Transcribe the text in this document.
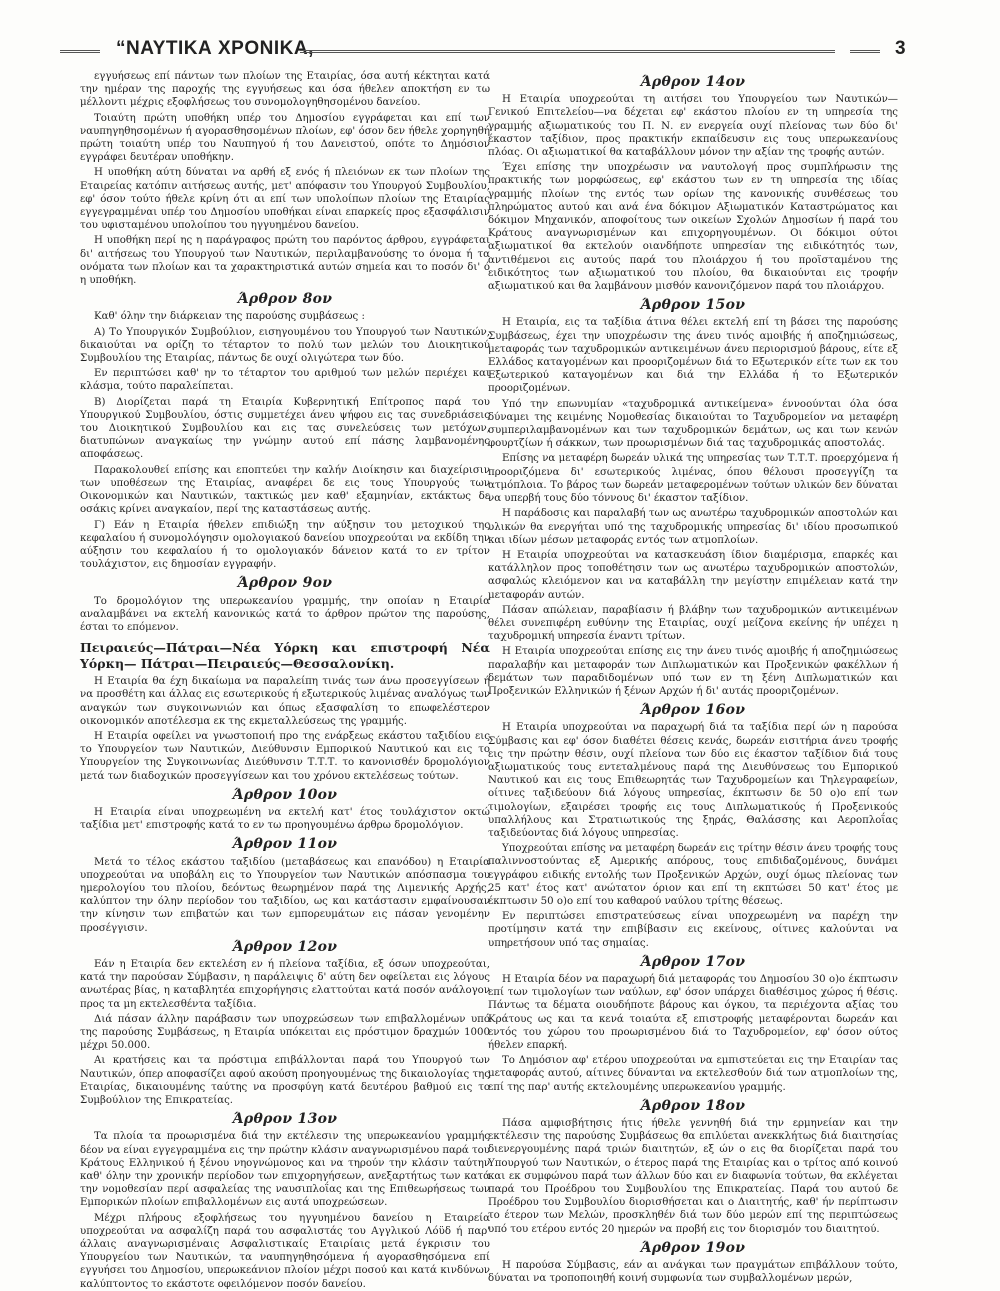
“ΝΑΥΤΙΚΑ ΧΡΟΝΙΚΑ,	3

εγγυήσεως επί πάντων των πλοίων της Εταιρίας, όσα αυτή κέκτηται κατά την ημέραν της παροχής της εγγυήσεως και όσα ήθελεν αποκτήση εν τω μέλλοντι μέχρις εξοφλήσεως του συνομολογηθησομένου δανείου.

Τοιαύτη πρώτη υποθήκη υπέρ του Δημοσίου εγγράφεται και επί των ναυπηγηθησομένων ή αγορασθησομένων πλοίων, εφ' όσον δεν ήθελε χορηγηθή πρώτη τοιαύτη υπέρ του Ναυπηγού ή του Δανειστού, οπότε το Δημόσιον εγγράφει δευτέραν υποθήκην.

Η υποθήκη αύτη δύναται να αρθή εξ ενός ή πλειόνων εκ των πλοίων της Εταιρείας κατόπιν αιτήσεως αυτής, μετ' απόφασιν του Υπουργού Συμβουλίου, εφ' όσον τούτο ήθελε κρίνη ότι αι επί των υπολοίπων πλοίων της Εταιρίας εγγεγραμμέναι υπέρ του Δημοσίου υποθήκαι είναι επαρκείς προς εξασφάλισιν του υφισταμένου υπολοίπου του ηγγυημένου δανείου.

Η υποθήκη περί ης η παράγραφος πρώτη του παρόντος άρθρου, εγγράφεται δι' αιτήσεως του Υπουργού των Ναυτικών, περιλαμβανούσης το όνομα ή τα ονόματα των πλοίων και τα χαρακτηριστικά αυτών σημεία και το ποσόν δι' ό η υποθήκη.

Άρθρον 8ον

Καθ' όλην την διάρκειαν της παρούσης συμβάσεως :

Α) Το Υπουργικόν Συμβούλιον, εισηγουμένου του Υπουργού των Ναυτικών, δικαιούται να ορίζη το τέταρτον το πολύ των μελών του Διοικητικού Συμβουλίου της Εταιρίας, πάντως δε ουχί ολιγώτερα των δύο.

Εν περιπτώσει καθ' ην το τέταρτον του αριθμού των μελών περιέχει και κλάσμα, τούτο παραλείπεται.

Β) Διορίζεται παρά τη Εταιρία Κυβερνητική Επίτροπος παρά του Υπουργικού Συμβουλίου, όστις συμμετέχει άνευ ψήφου εις τας συνεδριάσεις του Διοικητικού Συμβουλίου και εις τας συνελεύσεις των μετόχων, διατυπώνων αναγκαίως την γνώμην αυτού επί πάσης λαμβανομένης αποφάσεως.

Παρακολουθεί επίσης και εποπτεύει την καλήν Διοίκησιν και διαχείρισιν των υποθέσεων της Εταιρίας, αναφέρει δε εις τους Υπουργούς των Οικονομικών και Ναυτικών, τακτικώς μεν καθ' εξαμηνίαν, εκτάκτως δε οσάκις κρίνει αναγκαίον, περί της καταστάσεως αυτής.

Γ) Εάν η Εταιρία ήθελεν επιδιώξη την αύξησιν του μετοχικού της κεφαλαίου ή συνομολόγησιν ομολογιακού δανείου υποχρεούται να εκδίδη την αύξησιν του κεφαλαίου ή το ομολογιακόν δάνειον κατά το εν τρίτον τουλάχιστον, εις δημοσίαν εγγραφήν.

Άρθρον 9ον

Το δρομολόγιον της υπερωκεανίου γραμμής, την οποίαν η Εταιρία αναλαμβάνει να εκτελή κανονικώς κατά το άρθρον πρώτον της παρούσης, έσται το επόμενον.

Πειραιεύς—Πάτραι—Νέα Υόρκη και επιστροφή Νέα Υόρκη— Πάτραι—Πειραιεύς—Θεσσαλονίκη.

Η Εταιρία θα έχη δικαίωμα να παραλείπη τινάς των άνω προσεγγίσεων ή να προσθέτη και άλλας εις εσωτερικούς ή εξωτερικούς λιμένας αναλόγως των αναγκών των συγκοινωνιών και όπως εξασφαλίση το επωφελέστερον οικονομικόν αποτέλεσμα εκ της εκμεταλλεύσεως της γραμμής.

Η Εταιρία οφείλει να γνωστοποιή προ της ενάρξεως εκάστου ταξιδίου εις το Υπουργείον των Ναυτικών, Διεύθυνσιν Εμπορικού Ναυτικού και εις το Υπουργείον της Συγκοινωνίας Διεύθυνσιν Τ.Τ.Τ. το κανονισθέν δρομολόγιον μετά των διαδοχικών προσεγγίσεων και του χρόνου εκτελέσεως τούτων.

Άρθρον 10ον

Η Εταιρία είναι υποχρεωμένη να εκτελή κατ' έτος τουλάχιστον οκτώ ταξίδια μετ' επιστροφής κατά το εν τω προηγουμένω άρθρω δρομολόγιον.

Άρθρον 11ον

Μετά το τέλος εκάστου ταξιδίου (μεταβάσεως και επανόδου) η Εταιρία υποχρεούται να υποβάλη εις το Υπουργείον των Ναυτικών απόσπασμα του ημερολογίου του πλοίου, δεόντως θεωρημένον παρά της Λιμενικής Αρχής, καλύπτον την όλην περίοδον του ταξιδίου, ως και κατάστασιν εμφαίνουσαν την κίνησιν των επιβατών και των εμπορευμάτων εις πάσαν γενομένην προσέγγισιν.

Άρθρον 12ον

Εάν η Εταιρία δεν εκτελέση εν ή πλείονα ταξίδια, εξ όσων υποχρεούται, κατά την παρούσαν Σύμβασιν, η παράλειψις δ' αύτη δεν οφείλεται εις λόγους ανωτέρας βίας, η καταβλητέα επιχορήγησις ελαττούται κατά ποσόν ανάλογον προς τα μη εκτελεσθέντα ταξίδια.

Διά πάσαν άλλην παράβασιν των υποχρεώσεων των επιβαλλομένων υπό της παρούσης Συμβάσεως, η Εταιρία υπόκειται εις πρόστιμον δραχμών 1000 μέχρι 50.000.

Αι κρατήσεις και τα πρόστιμα επιβάλλονται παρά του Υπουργού των Ναυτικών, όπερ αποφασίζει αφού ακούση προηγουμένως της δικαιολογίας της Εταιρίας, δικαιουμένης ταύτης να προσφύγη κατά δευτέρου βαθμού εις το Συμβούλιον της Επικρατείας.

Άρθρον 13ον

Τα πλοία τα προωρισμένα διά την εκτέλεσιν της υπερωκεανίου γραμμής δέον να είναι εγγεγραμμένα εις την πρώτην κλάσιν αναγνωρισμένου παρά του Κράτους Ελληνικού ή ξένου νηογνώμονος και να τηρούν την κλάσιν ταύτην καθ' όλην την χρονικήν περίοδον των επιχορηγήσεων, ανεξαρτήτως των κατά την νομοθεσίαν περί ασφαλείας της ναυσιπλοΐας και της Επιθεωρήσεως των Εμπορικών πλοίων επιβαλλομένων εις αυτά υποχρεώσεων.

Μέχρι πλήρους εξοφλήσεως του ηγγυημένου δανείου η Εταιρεία υποχρεούται να ασφαλίζη παρά του ασφαλιστάς του Αγγλικού Λόϋδ ή παρ' άλλαις αναγνωρισμέναις Ασφαλιστικαίς Εταιρίαις μετά έγκρισιν του Υπουργείου των Ναυτικών, τα ναυπηγηθησόμενα ή αγορασθησόμενα επί εγγυήσει του Δημοσίου, υπερωκεάνιον πλοίον μέχρι ποσού και κατά κινδύνων καλύπτοντος το εκάστοτε οφειλόμενον ποσόν δανείου.

Άρθρον 14ον

Η Εταιρία υποχρεούται τη αιτήσει του Υπουργείου των Ναυτικών— Γενικού Επιτελείου—να δέχεται εφ' εκάστου πλοίου εν τη υπηρεσία της γραμμής αξιωματικούς του Π. Ν. εν ενεργεία ουχί πλείονας των δύο δι' έκαστον ταξίδιον, προς πρακτικήν εκπαίδευσιν εις τους υπερωκεανίους πλόας. Οι αξιωματικοί θα καταβάλλουν μόνον την αξίαν της τροφής αυτών.

Έχει επίσης την υποχρέωσιν να ναυτολογή προς συμπλήρωσιν της πρακτικής των μορφώσεως, εφ' εκάστου των εν τη υπηρεσία της ιδίας γραμμής πλοίων της εντός των ορίων της κανονικής συνθέσεως του πληρώματος αυτού και ανά ένα δόκιμον Αξιωματικόν Καταστρώματος και δόκιμον Μηχανικόν, αποφοίτους των οικείων Σχολών Δημοσίων ή παρά του Κράτους αναγνωρισμένων και επιχορηγουμένων. Οι δόκιμοι ούτοι αξιωματικοί θα εκτελούν οιανδήποτε υπηρεσίαν της ειδικότητός των, αντιθέμενοι εις αυτούς παρά του πλοιάρχου ή του προϊσταμένου της ειδικότητος των αξιωματικού του πλοίου, θα δικαιούνται εις τροφήν αξιωματικού και θα λαμβάνουν μισθόν κανονιζόμενον παρά του πλοιάρχου.

Άρθρον 15ον

Η Εταιρία, εις τα ταξίδια άτινα θέλει εκτελή επί τη βάσει της παρούσης Συμβάσεως, έχει την υποχρέωσιν της άνευ τινός αμοιβής ή αποζημιώσεως, μεταφοράς των ταχυδρομικών αντικειμένων άνευ περιορισμού βάρους, είτε εξ Ελλάδος καταγομένων και προοριζομένων διά το Εξωτερικόν είτε των εκ του Εξωτερικού καταγομένων και διά την Ελλάδα ή το Εξωτερικόν προοριζομένων.

Υπό την επωνυμίαν «ταχυδρομικά αντικείμενα» έννοούνται όλα όσα δύναμει της κειμένης Νομοθεσίας δικαιούται το Ταχυδρομείον να μεταφέρη συμπεριλαμβανομένων και των ταχυδρομικών δεμάτων, ως και των κενών φουρτζίων ή σάκκων, των προωρισμένων διά τας ταχυδρομικάς αποστολάς.

Επίσης να μεταφέρη δωρεάν υλικά της υπηρεσίας των Τ.Τ.Τ. προερχόμενα ή προοριζόμενα δι' εσωτερικούς λιμένας, όπου θέλουσι προσεγγίζη τα ατμόπλοια. Το βάρος των δωρεάν μεταφερομένων τούτων υλικών δεν δύναται να υπερβή τους δύο τόννους δι' έκαστον ταξίδιον.

Η παράδοσις και παραλαβή των ως ανωτέρω ταχυδρομικών αποστολών και υλικών θα ενεργήται υπό της ταχυδρομικής υπηρεσίας δι' ιδίου προσωπικού και ιδίων μέσων μεταφοράς εντός των ατμοπλοίων.

Η Εταιρία υποχρεούται να κατασκευάση ίδιον διαμέρισμα, επαρκές και κατάλληλον προς τοποθέτησιν των ως ανωτέρω ταχυδρομικών αποστολών, ασφαλώς κλειόμενον και να καταβάλλη την μεγίστην επιμέλειαν κατά την μεταφοράν αυτών.

Πάσαν απώλειαν, παραβίασιν ή βλάβην των ταχυδρομικών αντικειμένων θέλει συνεπιφέρη ευθύνην της Εταιρίας, ουχί μείζονα εκείνης ήν υπέχει η ταχυδρομική υπηρεσία έναντι τρίτων.

Η Εταιρία υποχρεούται επίσης εις την άνευ τινός αμοιβής ή αποζημιώσεως παραλαβήν και μεταφοράν των Διπλωματικών και Προξενικών φακέλλων ή δεμάτων των παραδιδομένων υπό των εν τη ξένη Διπλωματικών και Προξενικών Ελληνικών ή ξένων Αρχών ή δι' αυτάς προοριζομένων.

Άρθρον 16ον

Η Εταιρία υποχρεούται να παραχωρή διά τα ταξίδια περί ών η παρούσα Σύμβασις και εφ' όσον διαθέτει θέσεις κενάς, δωρεάν εισιτήρια άνευ τροφής εις την πρώτην θέσιν, ουχί πλείονα των δύο εις έκαστον ταξίδιον διά τους αξιωματικούς τους εντεταλμένους παρά της Διευθύνσεως του Εμπορικού Ναυτικού και εις τους Επιθεωρητάς των Ταχυδρομείων και Τηλεγραφείων, οίτινες ταξιδεύουν διά λόγους υπηρεσίας, έκπτωσιν δε 50 ο)ο επί των τιμολογίων, εξαιρέσει τροφής εις τους Διπλωματικούς ή Προξενικούς υπαλλήλους και Στρατιωτικούς της ξηράς, Θαλάσσης και Αεροπλοΐας ταξιδεύοντας διά λόγους υπηρεσίας.

Υποχρεούται επίσης να μεταφέρη δωρεάν εις τρίτην θέσιν άνευ τροφής τους παλιννοστούντας εξ Αμερικής απόρους, τους επιδιδαζομένους, δυνάμει εγγράφου ειδικής εντολής των Προξενικών Αρχών, ουχί όμως πλείονας των 25 κατ' έτος κατ' ανώτατον όριον και επί τη εκπτώσει 50 κατ' έτος με έκπτωσιν 50 ο)ο επί του καθαρού ναύλου τρίτης θέσεως.

Εν περιπτώσει επιστρατεύσεως είναι υποχρεωμένη να παρέχη την προτίμησιν κατά την επιβίβασιν εις εκείνους, οίτινες καλούνται να υπηρετήσουν υπό τας σημαίας.

Άρθρον 17ον

Η Εταιρία δέον να παραχωρή διά μεταφοράς του Δημοσίου 30 ο)ο έκπτωσιν επί των τιμολογίων των ναύλων, εφ' όσον υπάρχει διαθέσιμος χώρος ή θέσις. Πάντως τα δέματα οιουδήποτε βάρους και όγκου, τα περιέχοντα αξίας του Κράτους ως και τα κενά τοιαύτα εξ επιστροφής μεταφέρονται δωρεάν και εντός του χώρου του προωρισμένου διά το Ταχυδρομείον, εφ' όσον ούτος ήθελεν επαρκή.

Το Δημόσιον αφ' ετέρου υποχρεούται να εμπιστεύεται εις την Εταιρίαν τας μεταφοράς αυτού, αίτινες δύνανται να εκτελεσθούν διά των ατμοπλοίων της, επί της παρ' αυτής εκτελουμένης υπερωκεανίου γραμμής.

Άρθρον 18ον

Πάσα αμφισβήτησις ήτις ήθελε γεννηθή διά την ερμηνείαν και την εκτέλεσιν της παρούσης Συμβάσεως θα επιλύεται ανεκκλήτως διά διαιτησίας διενεργουμένης παρά τριών διαιτητών, εξ ών ο εις θα διορίζεται παρά του Υπουργού των Ναυτικών, ο έτερος παρά της Εταιρίας και ο τρίτος από κοινού και εκ συμφώνου παρά των άλλων δύο και εν διαφωνία τούτων, θα εκλέγεται παρά του Προέδρου του Συμβουλίου της Επικρατείας. Παρά του αυτού δε Προέδρου του Συμβουλίου διορισθήσεται και ο Διαιτητής, καθ' ήν περίπτωσιν το έτερον των Μελών, προσκληθέν διά των δύο μερών επί της περιπτώσεως υπό του ετέρου εντός 20 ημερών να προβή εις τον διορισμόν του διαιτητού.

Άρθρον 19ον

Η παρούσα Σύμβασις, εάν αι ανάγκαι των πραγμάτων επιβάλλουν τούτο, δύναται να τροποποιηθή κοινή συμφωνία των συμβαλλομένων μερών,
